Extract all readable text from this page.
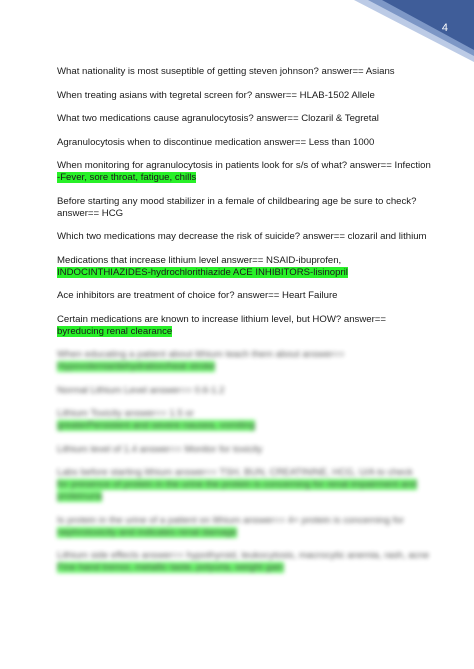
4

What nationality is most suseptible of getting steven johnson? answer== Asians

When treating asians with tegretal screen for? answer== HLAB-1502 Allele

What two medications cause agranulocytosis? answer== Clozaril & Tegretal

Agranulocytosis when to discontinue medication answer== Less than 1000

When monitoring for agranulocytosis in patients look for s/s of what? answer== Infection
-Fever, sore throat, fatigue, chills

Before starting any mood stabilizer in a female of childbearing age be sure to check? answer== HCG

Which two medications may decrease the risk of suicide? answer== clozaril and lithium

Medications that increase lithium level answer== NSAID-ibuprofen,
INDOCINTHIAZIDES-hydrochlorithiazide ACE INHIBITORS-lisinopril

Ace inhibitors are treatment of choice for? answer== Heart Failure

Certain medications are known to increase lithium level, but HOW? answer==
byreducing renal clearance

When educating a patient about lithium teach them about answer==
Hypovolemia/dehydration/heat stroke

Normal Lithium Level answer== 0.6-1.2

Lithium Toxicity answer== 1.5 or
greaterPersistent and severe nausea, vomiting

Lithium level of 1.4 answer== Monitor for toxicity

Labs before starting lithium answer== TSH, BUN, CREATININE, HCG, U/A to check
for presence of protein in the urine the protein is concerning for renal impairment and proteinuria

Is protein in the urine of a patient on lithium answer== 4+ protein is concerning for
nephrotoxicity and indicates renal damage

Lithium side effects answer== hypothyroid, leukocytosis, macrocytic anemia, rash, acne
Fine hand tremor, metallic taste, polyuria, weight gain
